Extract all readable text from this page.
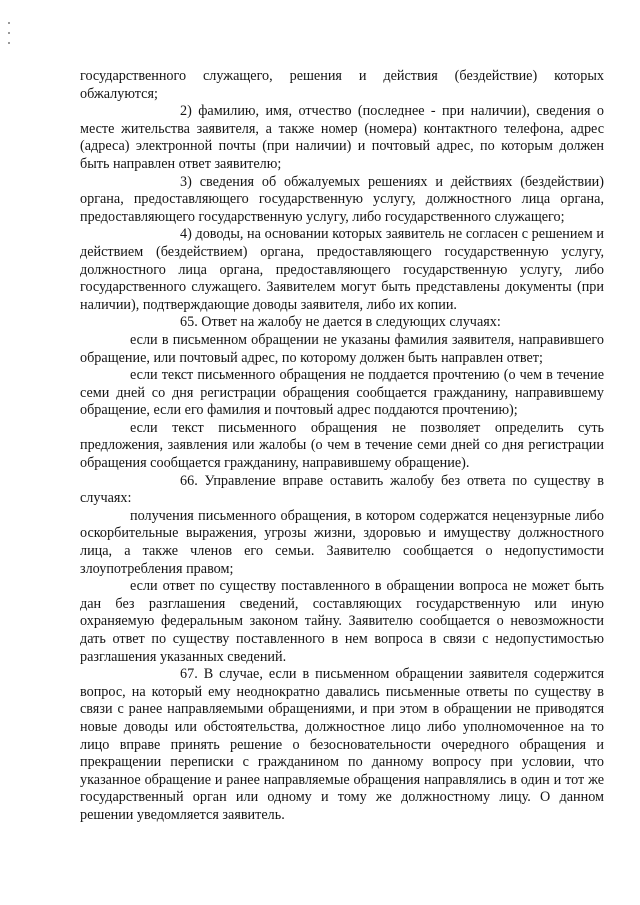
государственного служащего, решения и действия (бездействие) которых обжалуются;

2) фамилию, имя, отчество (последнее - при наличии), сведения о месте жительства заявителя, а также номер (номера) контактного телефона, адрес (адреса) электронной почты (при наличии) и почтовый адрес, по которым должен быть направлен ответ заявителю;

3) сведения об обжалуемых решениях и действиях (бездействии) органа, предоставляющего государственную услугу, должностного лица органа, предоставляющего государственную услугу, либо государственного служащего;

4) доводы, на основании которых заявитель не согласен с решением и действием (бездействием) органа, предоставляющего государственную услугу, должностного лица органа, предоставляющего государственную услугу, либо государственного служащего. Заявителем могут быть представлены документы (при наличии), подтверждающие доводы заявителя, либо их копии.

65. Ответ на жалобу не дается в следующих случаях:

если в письменном обращении не указаны фамилия заявителя, направившего обращение, или почтовый адрес, по которому должен быть направлен ответ;

если текст письменного обращения не поддается прочтению (о чем в течение семи дней со дня регистрации обращения сообщается гражданину, направившему обращение, если его фамилия и почтовый адрес поддаются прочтению);

если текст письменного обращения не позволяет определить суть предложения, заявления или жалобы (о чем в течение семи дней со дня регистрации обращения сообщается гражданину, направившему обращение).

66. Управление вправе оставить жалобу без ответа по существу в случаях:

получения письменного обращения, в котором содержатся нецензурные либо оскорбительные выражения, угрозы жизни, здоровью и имуществу должностного лица, а также членов его семьи. Заявителю сообщается о недопустимости злоупотребления правом;

если ответ по существу поставленного в обращении вопроса не может быть дан без разглашения сведений, составляющих государственную или иную охраняемую федеральным законом тайну. Заявителю сообщается о невозможности дать ответ по существу поставленного в нем вопроса в связи с недопустимостью разглашения указанных сведений.

67. В случае, если в письменном обращении заявителя содержится вопрос, на который ему неоднократно давались письменные ответы по существу в связи с ранее направляемыми обращениями, и при этом в обращении не приводятся новые доводы или обстоятельства, должностное лицо либо уполномоченное на то лицо вправе принять решение о безосновательности очередного обращения и прекращении переписки с гражданином по данному вопросу при условии, что указанное обращение и ранее направляемые обращения направлялись в один и тот же государственный орган или одному и тому же должностному лицу. О данном решении уведомляется заявитель.
